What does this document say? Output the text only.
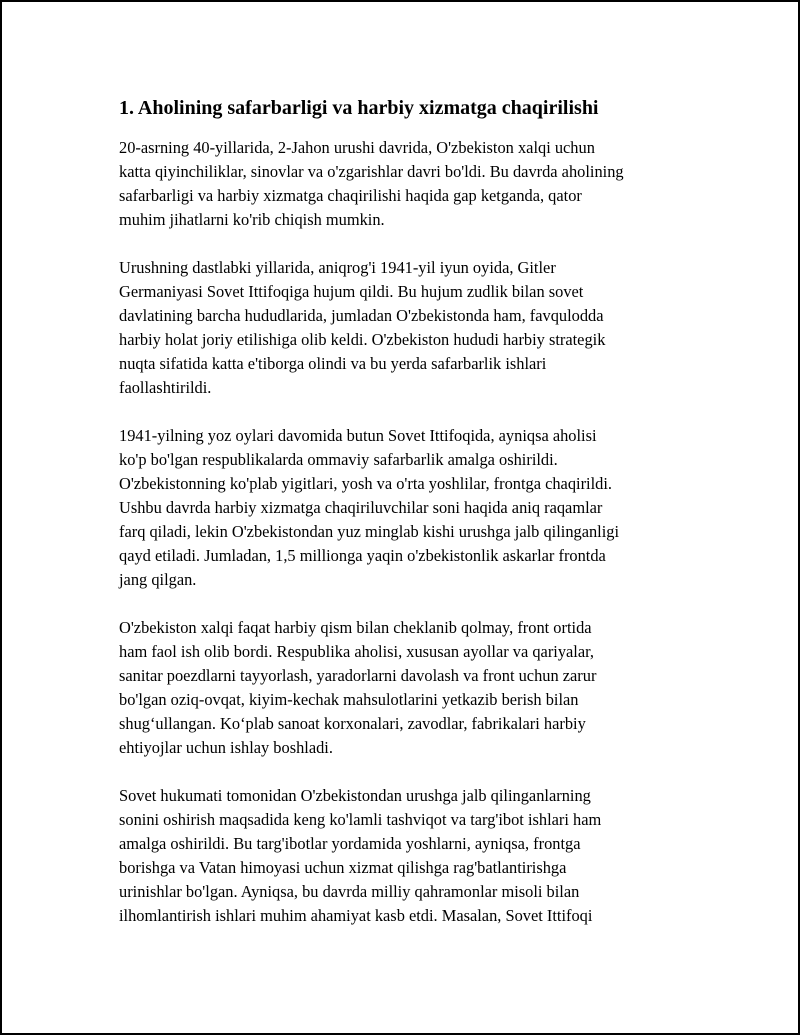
1. Aholining safarbarligi va harbiy xizmatga chaqirilishi

20-asrning 40-yillarida, 2-Jahon urushi davrida, O'zbekiston xalqi uchun
katta qiyinchiliklar, sinovlar va o'zgarishlar davri bo'ldi. Bu davrda aholining
safarbarligi va harbiy xizmatga chaqirilishi haqida gap ketganda, qator
muhim jihatlarni ko'rib chiqish mumkin.

Urushning dastlabki yillarida, aniqrog'i 1941-yil iyun oyida, Gitler
Germaniyasi Sovet Ittifoqiga hujum qildi. Bu hujum zudlik bilan sovet
davlatining barcha hududlarida, jumladan O'zbekistonda ham, favqulodda
harbiy holat joriy etilishiga olib keldi. O'zbekiston hududi harbiy strategik
nuqta sifatida katta e'tiborga olindi va bu yerda safarbarlik ishlari
faollashtirildi.

1941-yilning yoz oylari davomida butun Sovet Ittifoqida, ayniqsa aholisi
ko'p bo'lgan respublikalarda ommaviy safarbarlik amalga oshirildi.
O'zbekistonning ko'plab yigitlari, yosh va o'rta yoshlilar, frontga chaqirildi.
Ushbu davrda harbiy xizmatga chaqiriluvchilar soni haqida aniq raqamlar
farq qiladi, lekin O'zbekistondan yuz minglab kishi urushga jalb qilinganligi
qayd etiladi. Jumladan, 1,5 millionga yaqin o'zbekistonlik askarlar frontda
jang qilgan.

O'zbekiston xalqi faqat harbiy qism bilan cheklanib qolmay, front ortida
ham faol ish olib bordi. Respublika aholisi, xususan ayollar va qariyalar,
sanitar poezdlarni tayyorlash, yaradorlarni davolash va front uchun zarur
bo'lgan oziq-ovqat, kiyim-kechak mahsulotlarini yetkazib berish bilan
shug‘ullangan. Ko‘plab sanoat korxonalari, zavodlar, fabrikalari harbiy
ehtiyojlar uchun ishlay boshladi.

Sovet hukumati tomonidan O'zbekistondan urushga jalb qilinganlarning
sonini oshirish maqsadida keng ko'lamli tashviqot va targ'ibot ishlari ham
amalga oshirildi. Bu targ'ibotlar yordamida yoshlarni, ayniqsa, frontga
borishga va Vatan himoyasi uchun xizmat qilishga rag'batlantirishga
urinishlar bo'lgan. Ayniqsa, bu davrda milliy qahramonlar misoli bilan
ilhomlantirish ishlari muhim ahamiyat kasb etdi. Masalan, Sovet Ittifoqi
